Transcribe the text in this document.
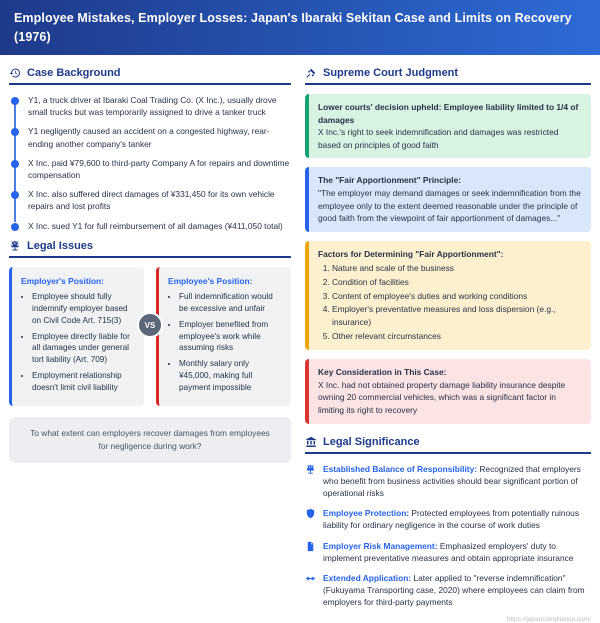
Employee Mistakes, Employer Losses: Japan's Ibaraki Sekitan Case and Limits on Recovery (1976)
Case Background
Y1, a truck driver at Ibaraki Coal Trading Co. (X Inc.), usually drove small trucks but was temporarily assigned to drive a tanker truck
Y1 negligently caused an accident on a congested highway, rear-ending another company's tanker
X Inc. paid ¥79,600 to third-party Company A for repairs and downtime compensation
X Inc. also suffered direct damages of ¥331,450 for its own vehicle repairs and lost profits
X Inc. sued Y1 for full reimbursement of all damages (¥411,050 total)
Legal Issues

Employer's Position:

• Employee should fully indemnify employer based on Civil Code Art. 715(3)
• Employee directly liable for all damages under general tort liability (Art. 709)
• Employment relationship doesn't limit civil liability

Employee's Position:

• Full indemnification would be excessive and unfair
• Employer benefited from employee's work while assuming risks
• Monthly salary only ¥45,000, making full payment impossible
VS
To what extent can employers recover damages from employees for negligence during work?
Supreme Court Judgment
Lower courts' decision upheld: Employee liability limited to 1/4 of damages
X Inc.'s right to seek indemnification and damages was restricted based on principles of good faith
The "Fair Apportionment" Principle:
"The employer may demand damages or seek indemnification from the employee only to the extent deemed reasonable under the principle of good faith from the viewpoint of fair apportionment of damages..."
Factors for Determining "Fair Apportionment":
1. Nature and scale of the business
2. Condition of facilities
3. Content of employee's duties and working conditions
4. Employer's preventative measures and loss dispersion (e.g., insurance)
5. Other relevant circumstances
Key Consideration in This Case:
X Inc. had not obtained property damage liability insurance despite owning 20 commercial vehicles, which was a significant factor in limiting its right to recovery
Legal Significance

Established Balance of Responsibility: Recognized that employers who benefit from business activities should bear significant portion of operational risks

Employee Protection: Protected employees from potentially ruinous liability for ordinary negligence in the course of work duties

Employer Risk Management: Emphasized employers' duty to implement preventative measures and obtain appropriate insurance

Extended Application: Later applied to "reverse indemnification" (Fukuyama Transporting case, 2020) where employees can claim from employers for third-party payments

https://japancompliance.com/
